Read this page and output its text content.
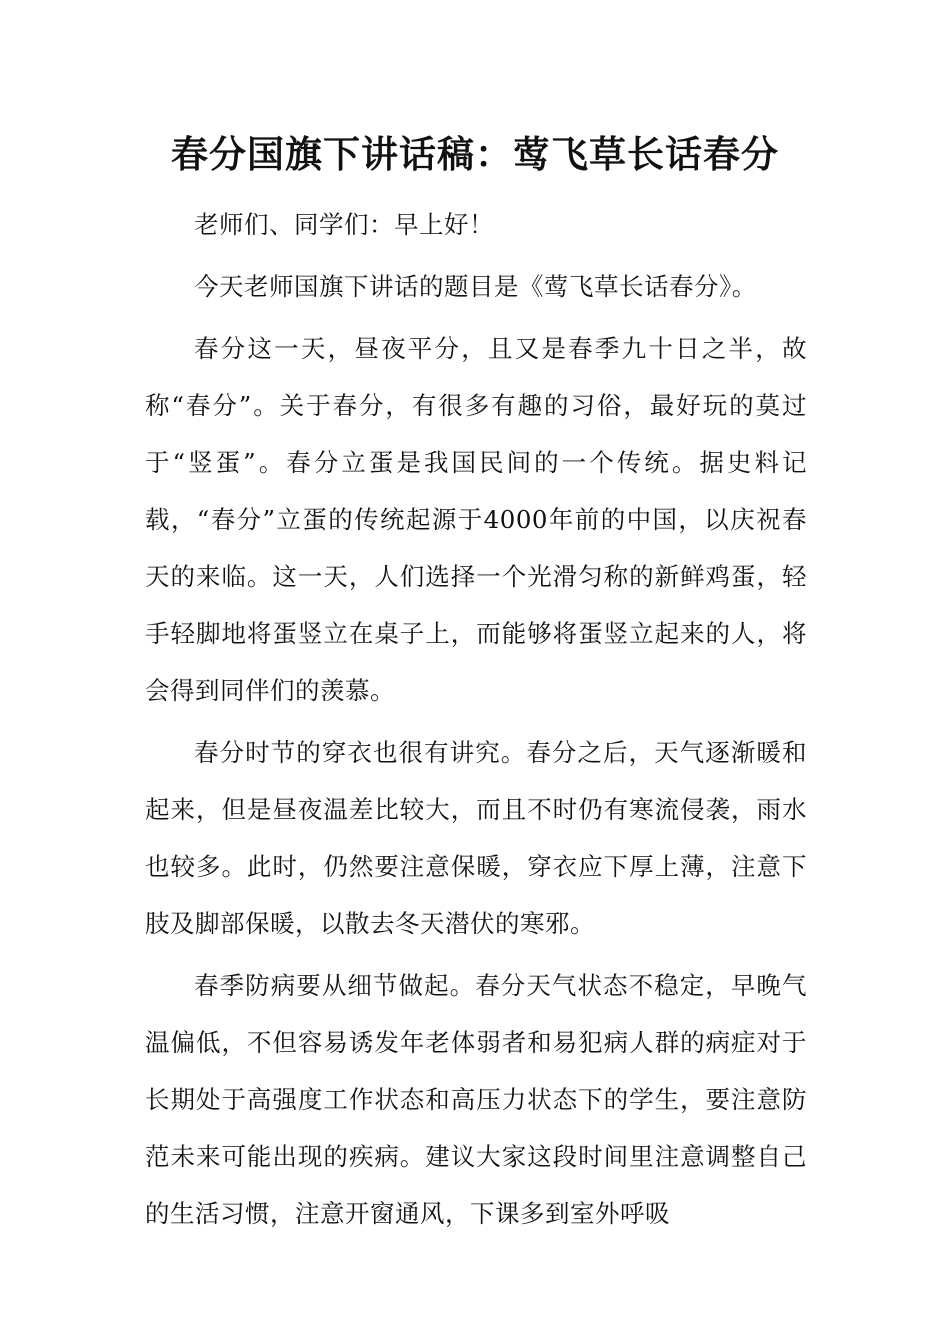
春分国旗下讲话稿：莺飞草长话春分

老师们、同学们：早上好！

今天老师国旗下讲话的题目是《莺飞草长话春分》。

春分这一天，昼夜平分，且又是春季九十日之半，故称“春分”。关于春分，有很多有趣的习俗，最好玩的莫过于“竖蛋”。春分立蛋是我国民间的一个传统。据史料记载，“春分”立蛋的传统起源于4000年前的中国，以庆祝春天的来临。这一天，人们选择一个光滑匀称的新鲜鸡蛋，轻手轻脚地将蛋竖立在桌子上，而能够将蛋竖立起来的人，将会得到同伴们的羡慕。

春分时节的穿衣也很有讲究。春分之后，天气逐渐暖和起来，但是昼夜温差比较大，而且不时仍有寒流侵袭，雨水也较多。此时，仍然要注意保暖，穿衣应下厚上薄，注意下肢及脚部保暖，以散去冬天潜伏的寒邪。

春季防病要从细节做起。春分天气状态不稳定，早晚气温偏低，不但容易诱发年老体弱者和易犯病人群的病症对于长期处于高强度工作状态和高压力状态下的学生，要注意防范未来可能出现的疾病。建议大家这段时间里注意调整自己的生活习惯，注意开窗通风，下课多到室外呼吸
